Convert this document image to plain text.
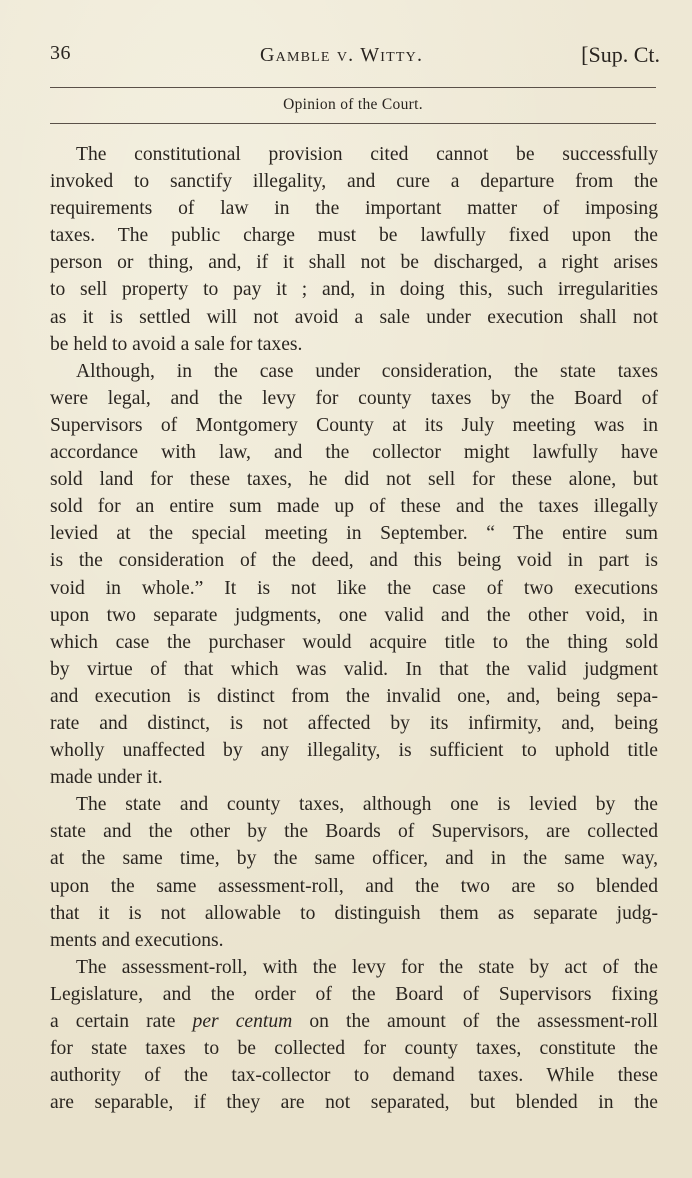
36	Gamble v. Witty.	[Sup. Ct.
Opinion of the Court.
The constitutional provision cited cannot be successfully
invoked to sanctify illegality, and cure a departure from the
requirements of law in the important matter of imposing
taxes. The public charge must be lawfully fixed upon the
person or thing, and, if it shall not be discharged, a right arises
to sell property to pay it ; and, in doing this, such irregularities
as it is settled will not avoid a sale under execution shall not
be held to avoid a sale for taxes.
Although, in the case under consideration, the state taxes
were legal, and the levy for county taxes by the Board of
Supervisors of Montgomery County at its July meeting was in
accordance with law, and the collector might lawfully have
sold land for these taxes, he did not sell for these alone, but
sold for an entire sum made up of these and the taxes illegally
levied at the special meeting in September. “ The entire sum
is the consideration of the deed, and this being void in part is
void in whole.” It is not like the case of two executions
upon two separate judgments, one valid and the other void, in
which case the purchaser would acquire title to the thing sold
by virtue of that which was valid. In that the valid judgment
and execution is distinct from the invalid one, and, being sepa-
rate and distinct, is not affected by its infirmity, and, being
wholly unaffected by any illegality, is sufficient to uphold title
made under it.
The state and county taxes, although one is levied by the
state and the other by the Boards of Supervisors, are collected
at the same time, by the same officer, and in the same way,
upon the same assessment-roll, and the two are so blended
that it is not allowable to distinguish them as separate judg-
ments and executions.
The assessment-roll, with the levy for the state by act of the
Legislature, and the order of the Board of Supervisors fixing
a certain rate per centum on the amount of the assessment-roll
for state taxes to be collected for county taxes, constitute the
authority of the tax-collector to demand taxes. While these
are separable, if they are not separated, but blended in the
